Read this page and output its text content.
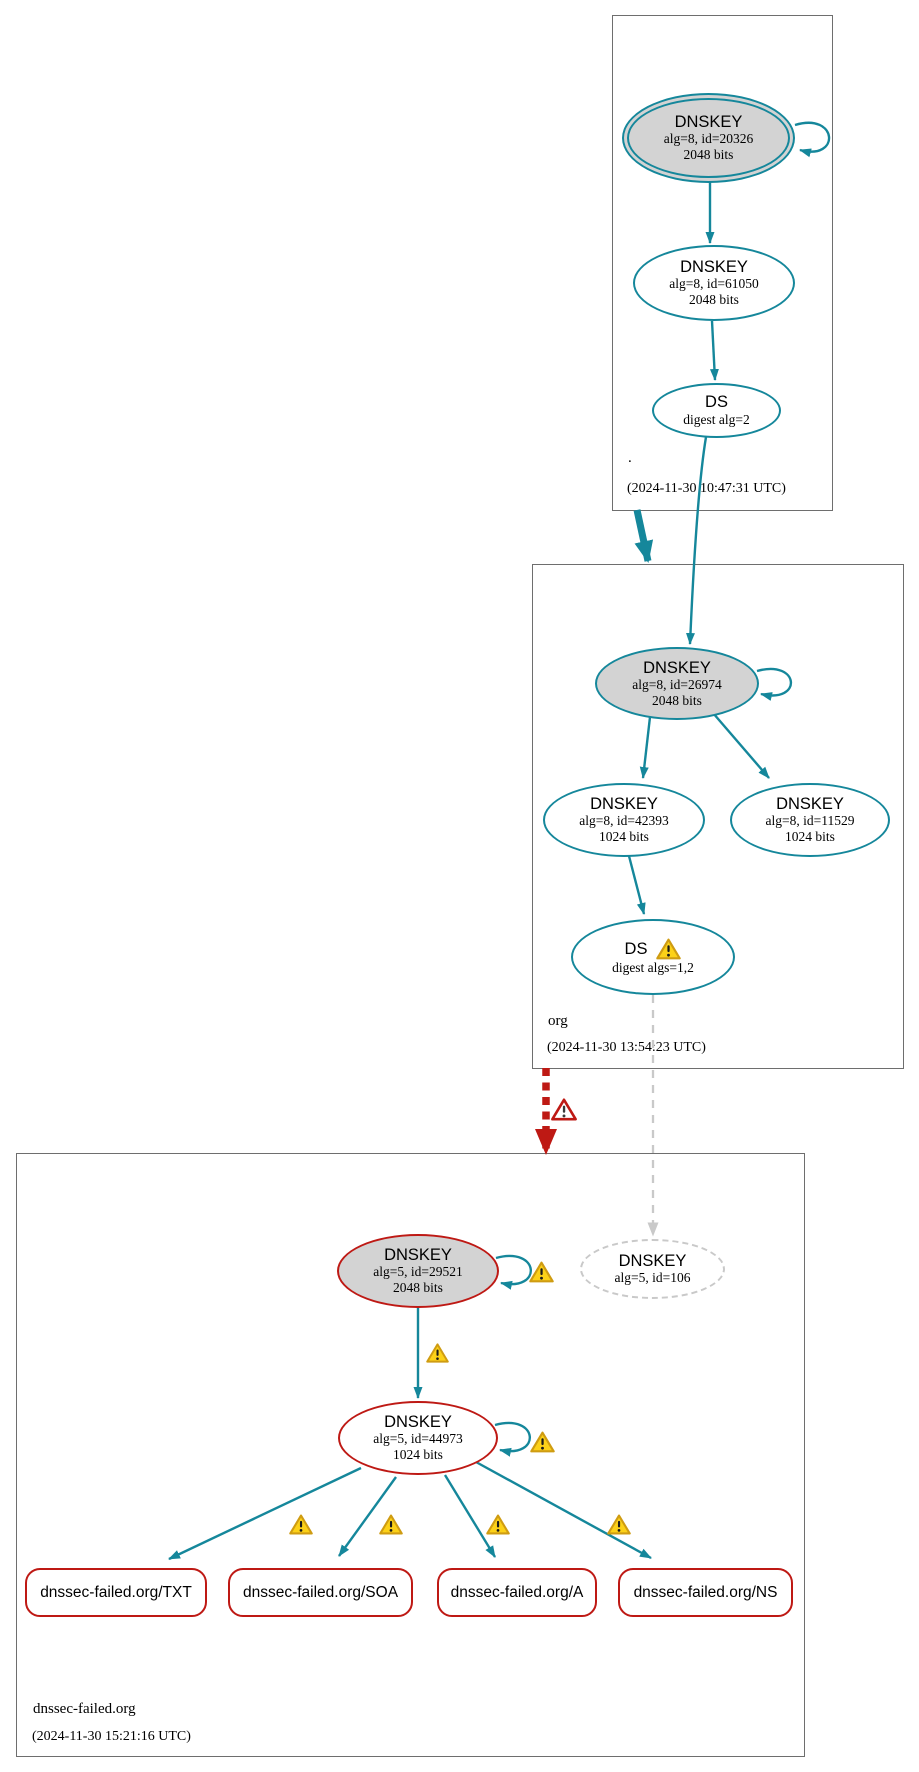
.
(2024-11-30 10:47:31 UTC)
org
(2024-11-30 13:54:23 UTC)
dnssec-failed.org
(2024-11-30 15:21:16 UTC)
DNSKEY
alg=8, id=20326
2048 bits
DNSKEY
alg=8, id=61050
2048 bits
DS
digest alg=2
DNSKEY
alg=8, id=26974
2048 bits
DNSKEY
alg=8, id=42393
1024 bits
DNSKEY
alg=8, id=11529
1024 bits
DS
digest algs=1,2
DNSKEY
alg=5, id=29521
2048 bits
DNSKEY
alg=5, id=106
DNSKEY
alg=5, id=44973
1024 bits
dnssec-failed.org/TXT	dnssec-failed.org/SOA	dnssec-failed.org/A	dnssec-failed.org/NS
